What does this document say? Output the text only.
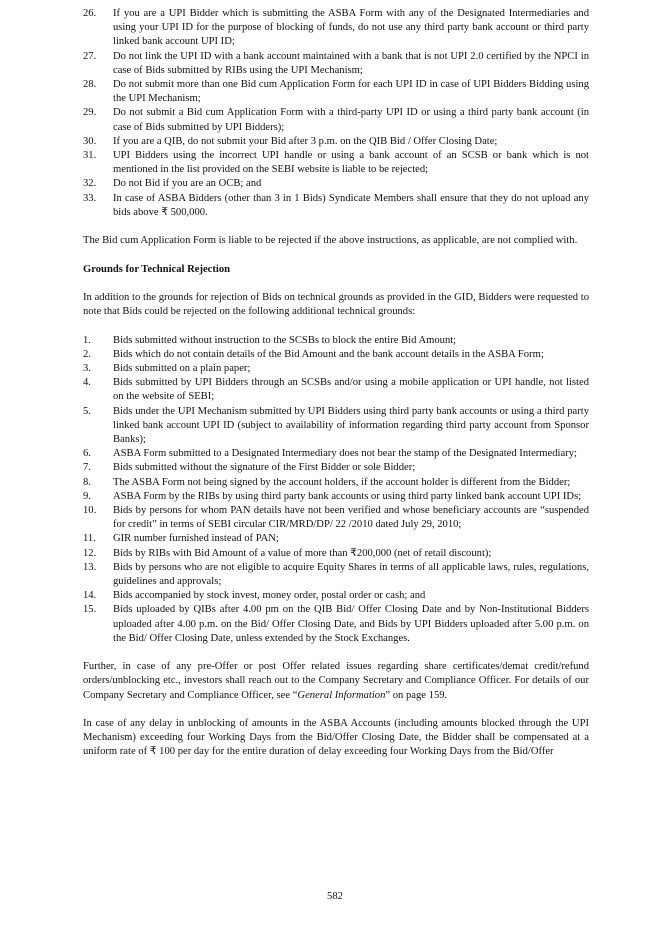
26.	If you are a UPI Bidder which is submitting the ASBA Form with any of the Designated Intermediaries and using your UPI ID for the purpose of blocking of funds, do not use any third party bank account or third party linked bank account UPI ID;
27.	Do not link the UPI ID with a bank account maintained with a bank that is not UPI 2.0 certified by the NPCI in case of Bids submitted by RIBs using the UPI Mechanism;
28.	Do not submit more than one Bid cum Application Form for each UPI ID in case of UPI Bidders Bidding using the UPI Mechanism;
29.	Do not submit a Bid cum Application Form with a third-party UPI ID or using a third party bank account (in case of Bids submitted by UPI Bidders);
30.	If you are a QIB, do not submit your Bid after 3 p.m. on the QIB Bid / Offer Closing Date;
31.	UPI Bidders using the incorrect UPI handle or using a bank account of an SCSB or bank which is not mentioned in the list provided on the SEBI website is liable to be rejected;
32.	Do not Bid if you are an OCB; and
33.	In case of ASBA Bidders (other than 3 in 1 Bids) Syndicate Members shall ensure that they do not upload any bids above ₹ 500,000.

The Bid cum Application Form is liable to be rejected if the above instructions, as applicable, are not complied with.

Grounds for Technical Rejection

In addition to the grounds for rejection of Bids on technical grounds as provided in the GID, Bidders were requested to note that Bids could be rejected on the following additional technical grounds:

1.	Bids submitted without instruction to the SCSBs to block the entire Bid Amount;
2.	Bids which do not contain details of the Bid Amount and the bank account details in the ASBA Form;
3.	Bids submitted on a plain paper;
4.	Bids submitted by UPI Bidders through an SCSBs and/or using a mobile application or UPI handle, not listed on the website of SEBI;
5.	Bids under the UPI Mechanism submitted by UPI Bidders using third party bank accounts or using a third party linked bank account UPI ID (subject to availability of information regarding third party account from Sponsor Banks);
6.	ASBA Form submitted to a Designated Intermediary does not bear the stamp of the Designated Intermediary;
7.	Bids submitted without the signature of the First Bidder or sole Bidder;
8.	The ASBA Form not being signed by the account holders, if the account holder is different from the Bidder;
9.	ASBA Form by the RIBs by using third party bank accounts or using third party linked bank account UPI IDs;
10.	Bids by persons for whom PAN details have not been verified and whose beneficiary accounts are “suspended for credit” in terms of SEBI circular CIR/MRD/DP/ 22 /2010 dated July 29, 2010;
11.	GIR number furnished instead of PAN;
12.	Bids by RIBs with Bid Amount of a value of more than ₹200,000 (net of retail discount);
13.	Bids by persons who are not eligible to acquire Equity Shares in terms of all applicable laws, rules, regulations, guidelines and approvals;
14.	Bids accompanied by stock invest, money order, postal order or cash; and
15.	Bids uploaded by QIBs after 4.00 pm on the QIB Bid/ Offer Closing Date and by Non-Institutional Bidders uploaded after 4.00 p.m. on the Bid/ Offer Closing Date, and Bids by UPI Bidders uploaded after 5.00 p.m. on the Bid/ Offer Closing Date, unless extended by the Stock Exchanges.

Further, in case of any pre-Offer or post Offer related issues regarding share certificates/demat credit/refund orders/unblocking etc., investors shall reach out to the Company Secretary and Compliance Officer. For details of our Company Secretary and Compliance Officer, see “General Information” on page 159.

In case of any delay in unblocking of amounts in the ASBA Accounts (including amounts blocked through the UPI Mechanism) exceeding four Working Days from the Bid/Offer Closing Date, the Bidder shall be compensated at a uniform rate of ₹ 100 per day for the entire duration of delay exceeding four Working Days from the Bid/Offer

582
